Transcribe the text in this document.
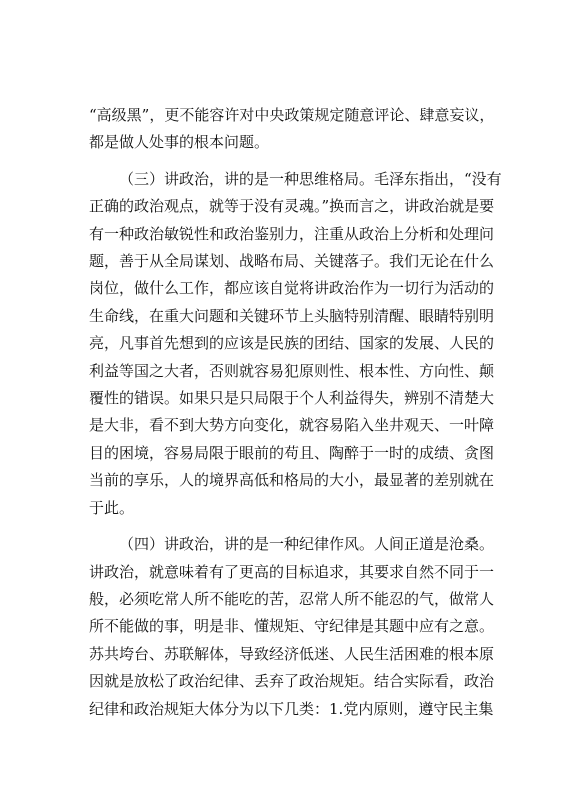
“高级黑”，更不能容许对中央政策规定随意评论、肆意妄议，
都是做人处事的根本问题。
（三）讲政治，讲的是一种思维格局。毛泽东指出，“没有
正确的政治观点，就等于没有灵魂。”换而言之，讲政治就是要
有一种政治敏锐性和政治鉴别力，注重从政治上分析和处理问
题，善于从全局谋划、战略布局、关键落子。我们无论在什么
岗位，做什么工作，都应该自觉将讲政治作为一切行为活动的
生命线，在重大问题和关键环节上头脑特别清醒、眼睛特别明
亮，凡事首先想到的应该是民族的团结、国家的发展、人民的
利益等国之大者，否则就容易犯原则性、根本性、方向性、颠
覆性的错误。如果只是只局限于个人利益得失，辨别不清楚大
是大非，看不到大势方向变化，就容易陷入坐井观天、一叶障
目的困境，容易局限于眼前的苟且、陶醉于一时的成绩、贪图
当前的享乐，人的境界高低和格局的大小，最显著的差别就在
于此。
（四）讲政治，讲的是一种纪律作风。人间正道是沧桑。
讲政治，就意味着有了更高的目标追求，其要求自然不同于一
般，必须吃常人所不能吃的苦，忍常人所不能忍的气，做常人
所不能做的事，明是非、懂规矩、守纪律是其题中应有之意。
苏共垮台、苏联解体，导致经济低迷、人民生活困难的根本原
因就是放松了政治纪律、丢弃了政治规矩。结合实际看，政治
纪律和政治规矩大体分为以下几类：1.党内原则，遵守民主集
